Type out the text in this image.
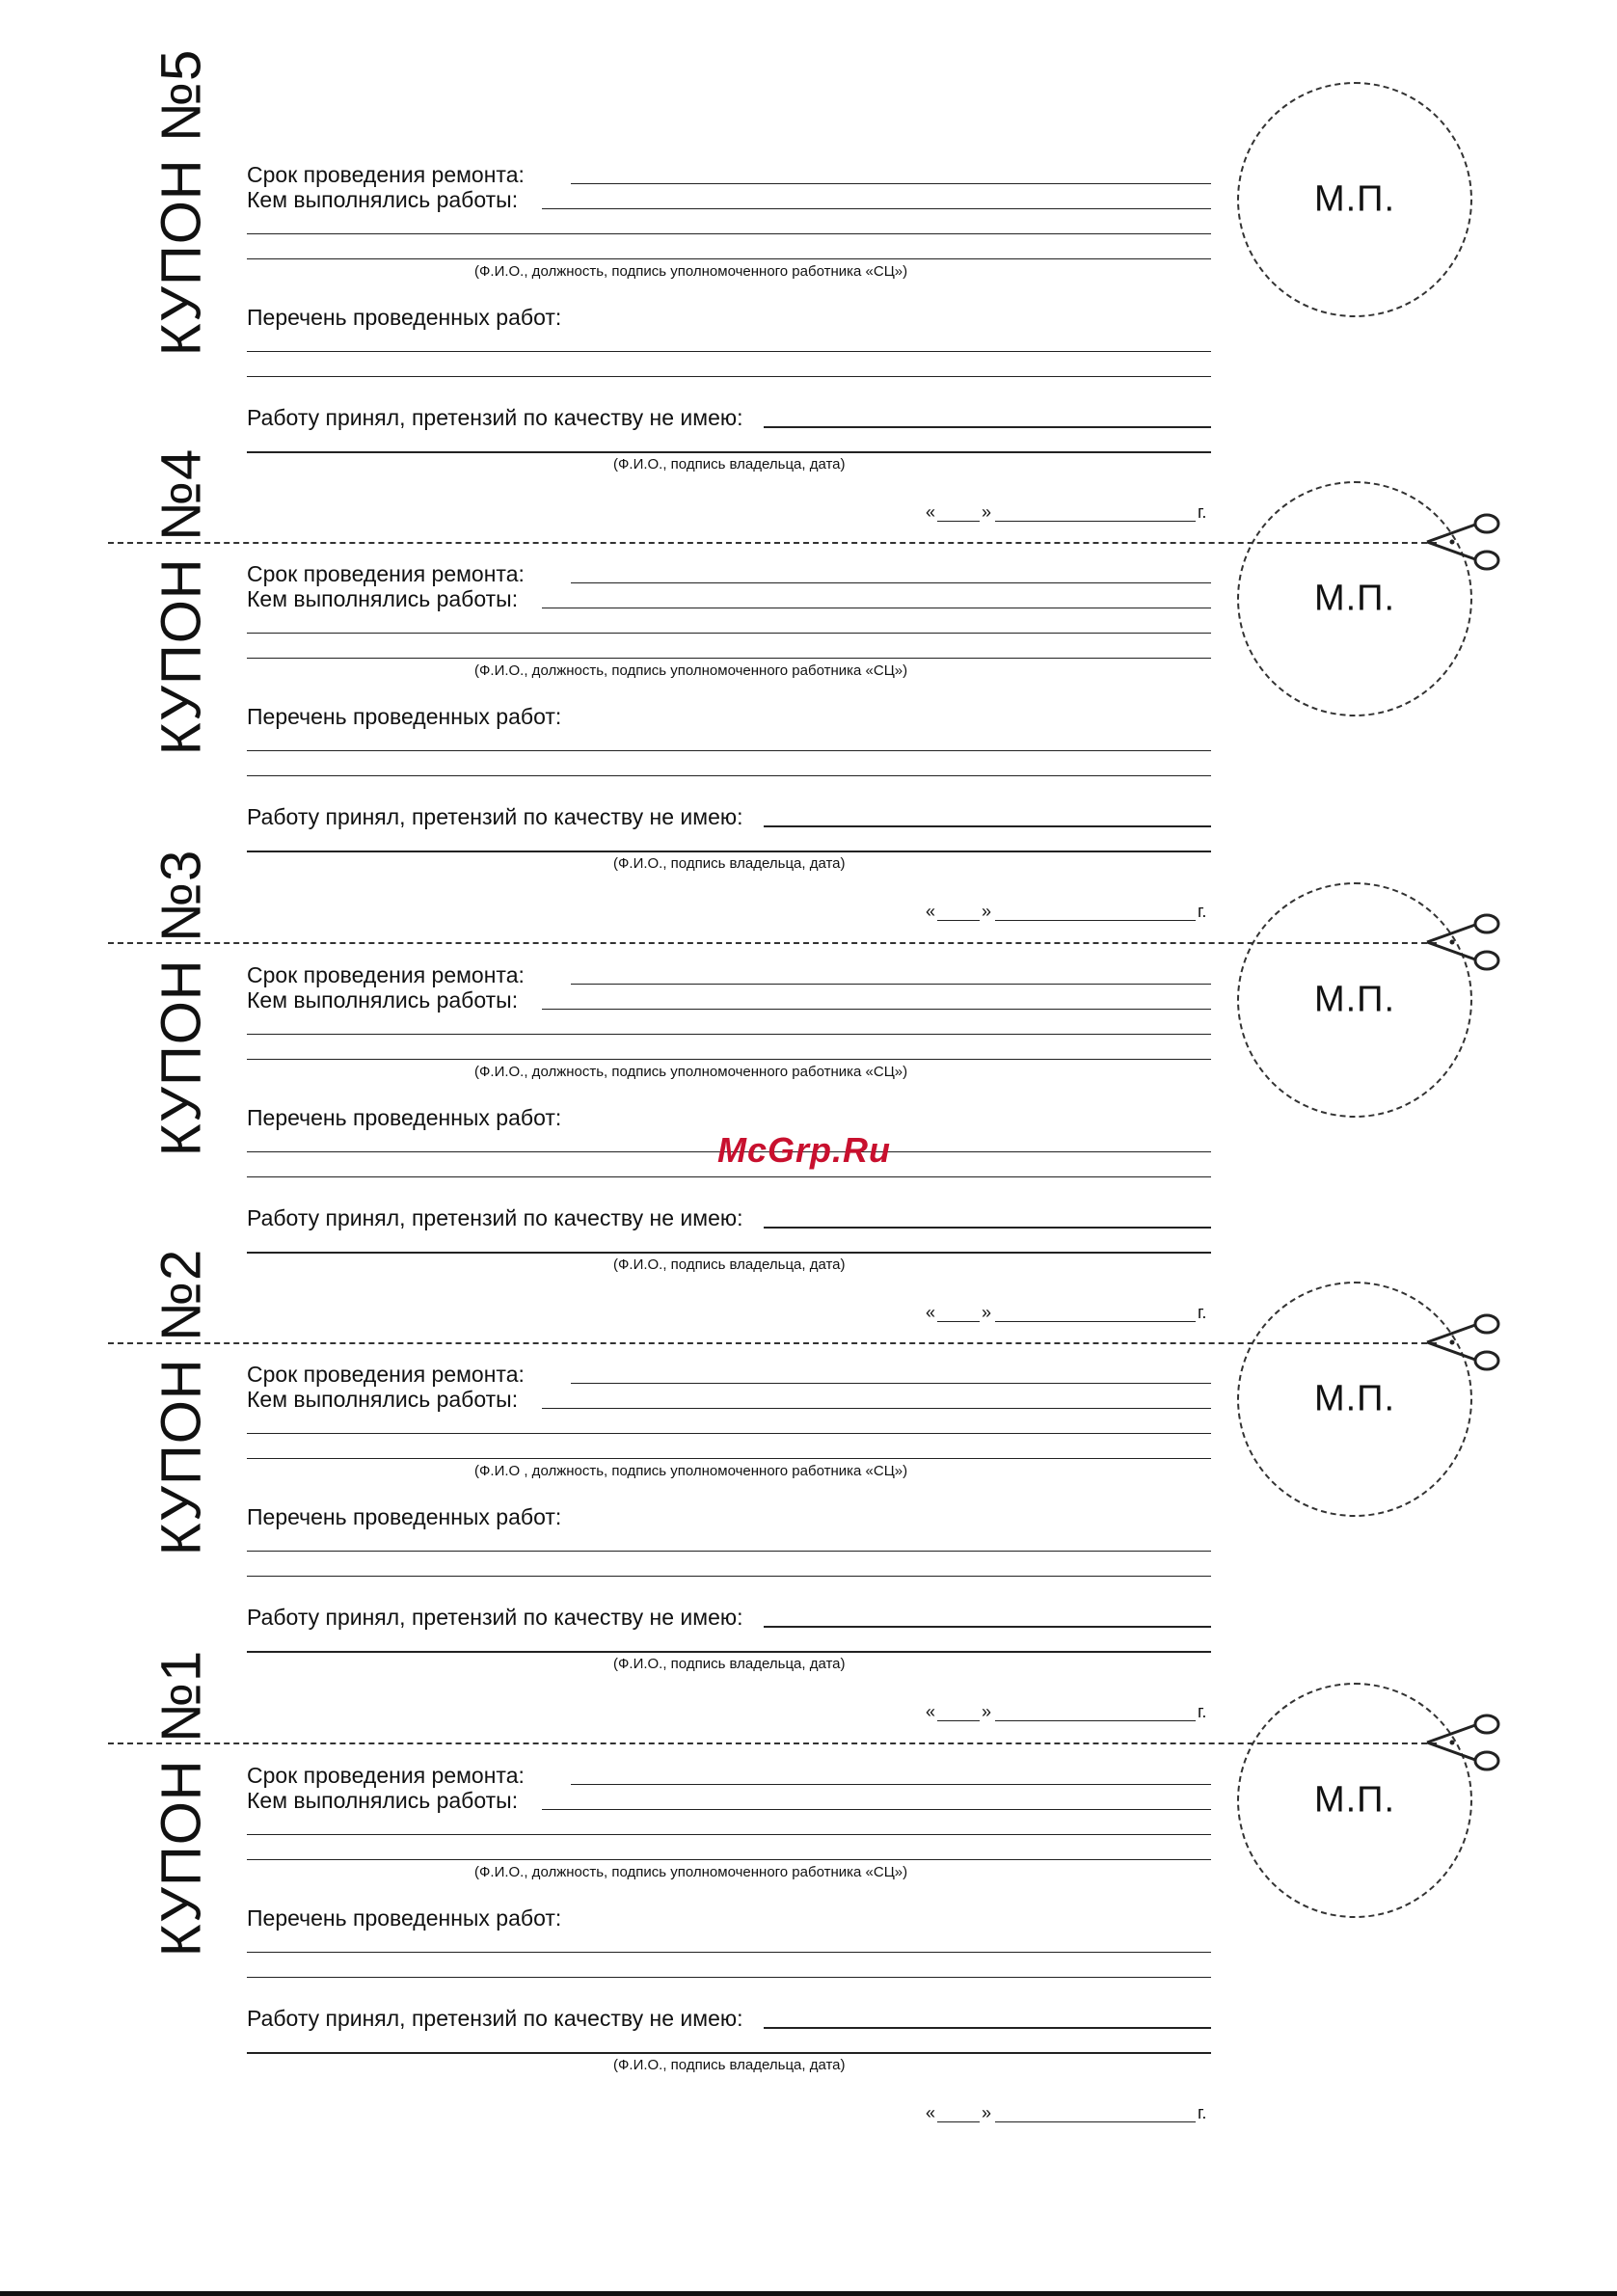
КУПОН №5 Срок проведения ремонта:
Кем выполнялись работы:
(Ф.И.О., должность, подпись уполномоченного работника «СЦ»)
Перечень проведенных работ:
Работу принял, претензий по качеству не имею:
(Ф.И.О., подпись владельца, дата)
«	»	г.
М.П.
КУПОН №4 Срок проведения ремонта:
Кем выполнялись работы:
(Ф.И.О., должность, подпись уполномоченного работника «СЦ»)
Перечень проведенных работ:
Работу принял, претензий по качеству не имею:
(Ф.И.О., подпись владельца, дата)
«	»	г.
М.П.
КУПОН №3 Срок проведения ремонта:
Кем выполнялись работы:
(Ф.И.О., должность, подпись уполномоченного работника «СЦ»)
Перечень проведенных работ:
Работу принял, претензий по качеству не имею:
(Ф.И.О., подпись владельца, дата)
«	»	г.
М.П.
КУПОН №2 Срок проведения ремонта:
Кем выполнялись работы:
(Ф.И.О , должность, подпись уполномоченного работника «СЦ»)
Перечень проведенных работ:
Работу принял, претензий по качеству не имею:
(Ф.И.О., подпись владельца, дата)
«	»	г.
М.П.
КУПОН №1 Срок проведения ремонта:
Кем выполнялись работы:
(Ф.И.О., должность, подпись уполномоченного работника «СЦ»)
Перечень проведенных работ:
Работу принял, претензий по качеству не имею:
(Ф.И.О., подпись владельца, дата)
«	»	г.
М.П.
McGrp.Ru
